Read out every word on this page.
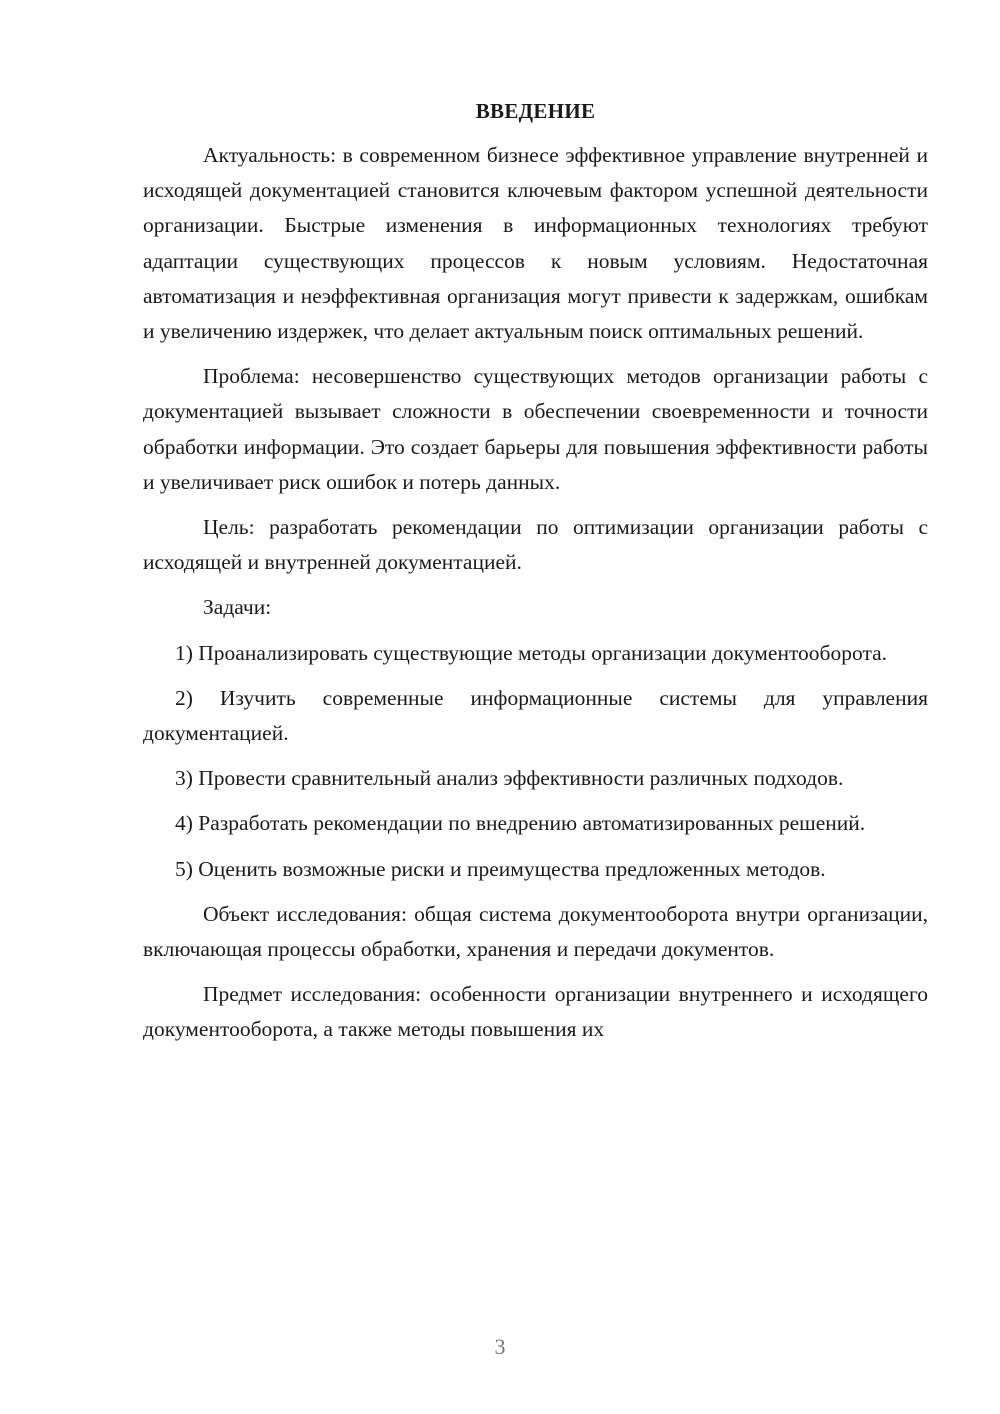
ВВЕДЕНИЕ

Актуальность: в современном бизнесе эффективное управление внутренней и исходящей документацией становится ключевым фактором успешной деятельности организации. Быстрые изменения в информационных технологиях требуют адаптации существующих процессов к новым условиям. Недостаточная автоматизация и неэффективная организация могут привести к задержкам, ошибкам и увеличению издержек, что делает актуальным поиск оптимальных решений.

Проблема: несовершенство существующих методов организации работы с документацией вызывает сложности в обеспечении своевременности и точности обработки информации. Это создает барьеры для повышения эффективности работы и увеличивает риск ошибок и потерь данных.

Цель: разработать рекомендации по оптимизации организации работы с исходящей и внутренней документацией.

Задачи:

1) Проанализировать существующие методы организации документооборота.

2) Изучить современные информационные системы для управления документацией.

3) Провести сравнительный анализ эффективности различных подходов.

4) Разработать рекомендации по внедрению автоматизированных решений.

5) Оценить возможные риски и преимущества предложенных методов.

Объект исследования: общая система документооборота внутри организации, включающая процессы обработки, хранения и передачи документов.

Предмет исследования: особенности организации внутреннего и исходящего документооборота, а также методы повышения их

3
